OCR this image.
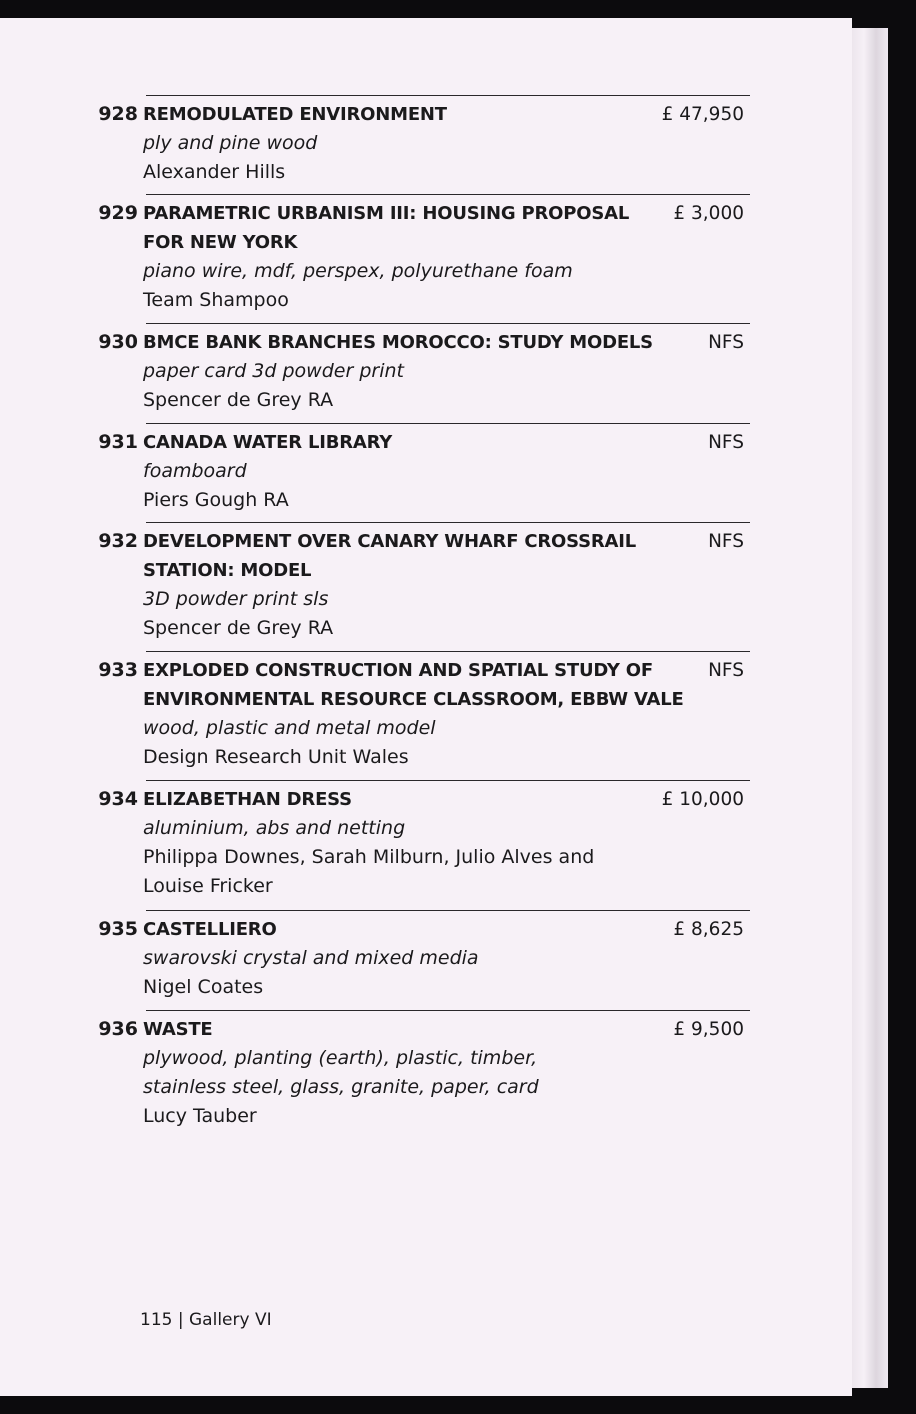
928 REMODULATED ENVIRONMENT
ply and pine wood
Alexander Hills
£ 47,950
929 PARAMETRIC URBANISM III: HOUSING PROPOSAL
FOR NEW YORK
piano wire, mdf, perspex, polyurethane foam
Team Shampoo
£ 3,000
930 BMCE BANK BRANCHES MOROCCO: STUDY MODELS
paper card 3d powder print
Spencer de Grey RA
NFS
931 CANADA WATER LIBRARY
foamboard
Piers Gough RA
NFS
932 DEVELOPMENT OVER CANARY WHARF CROSSRAIL
STATION: MODEL
3D powder print sls
Spencer de Grey RA
NFS
933 EXPLODED CONSTRUCTION AND SPATIAL STUDY OF
ENVIRONMENTAL RESOURCE CLASSROOM, EBBW VALE
wood, plastic and metal model
Design Research Unit Wales
NFS
934 ELIZABETHAN DRESS
aluminium, abs and netting
Philippa Downes, Sarah Milburn, Julio Alves and
Louise Fricker
£ 10,000
935 CASTELLIERO
swarovski crystal and mixed media
Nigel Coates
£ 8,625
936 WASTE
plywood, planting (earth), plastic, timber,
stainless steel, glass, granite, paper, card
Lucy Tauber
£ 9,500
115 | Gallery VI
